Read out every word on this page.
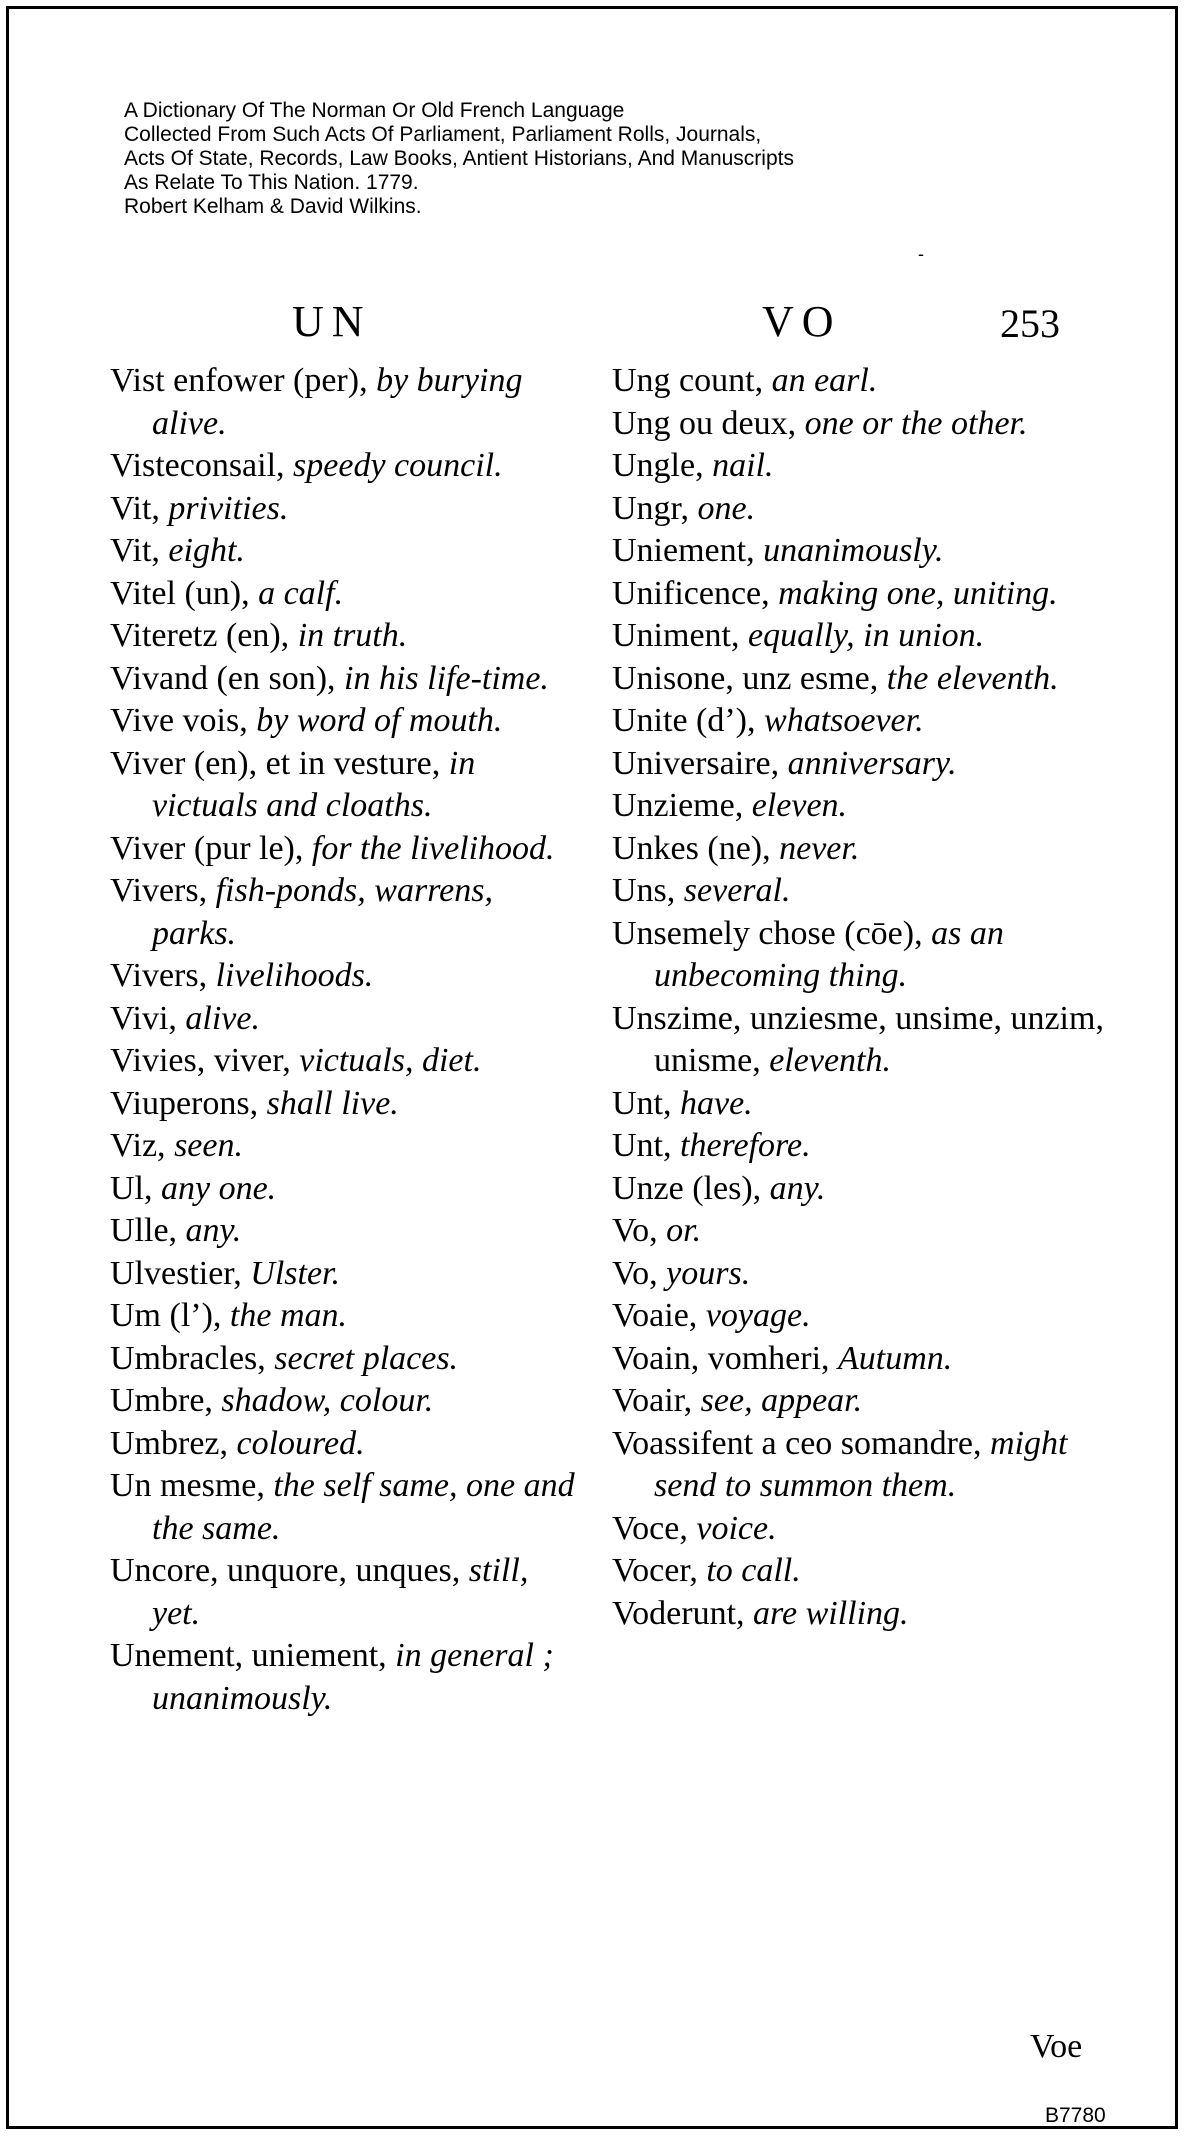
A Dictionary Of The Norman Or Old French Language
Collected From Such Acts Of Parliament, Parliament Rolls, Journals,
Acts Of State, Records, Law Books, Antient Historians, And Manuscripts
As Relate To This Nation. 1779.
Robert Kelham & David Wilkins.
-
UN	VO	253
Vist enfower (per), by burying alive.
Visteconsail, speedy council.
Vit, privities.
Vit, eight.
Vitel (un), a calf.
Viteretz (en), in truth.
Vivand (en son), in his life-time.
Vive vois, by word of mouth.
Viver (en), et in vesture, in victuals and cloaths.
Viver (pur le), for the livelihood.
Vivers, fish-ponds, warrens, parks.
Vivers, livelihoods.
Vivi, alive.
Vivies, viver, victuals, diet.
Viuperons, shall live.
Viz, seen.
Ul, any one.
Ulle, any.
Ulvestier, Ulster.
Um (l’), the man.
Umbracles, secret places.
Umbre, shadow, colour.
Umbrez, coloured.
Un mesme, the self same, one and the same.
Uncore, unquore, unques, still, yet.
Unement, uniement, in general ; unanimously.
Ung count, an earl.
Ung ou deux, one or the other.
Ungle, nail.
Ungr, one.
Uniement, unanimously.
Unificence, making one, uniting.
Uniment, equally, in union.
Unisone, unz esme, the eleventh.
Unite (d’), whatsoever.
Universaire, anniversary.
Unzieme, eleven.
Unkes (ne), never.
Uns, several.
Unsemely chose (cōe), as an unbecoming thing.
Unszime, unziesme, unsime, unzim, unisme, eleventh.
Unt, have.
Unt, therefore.
Unze (les), any.
Vo, or.
Vo, yours.
Voaie, voyage.
Voain, vomheri, Autumn.
Voair, see, appear.
Voassifent a ceo somandre, might send to summon them.
Voce, voice.
Vocer, to call.
Voderunt, are willing.
Voe
B7780
